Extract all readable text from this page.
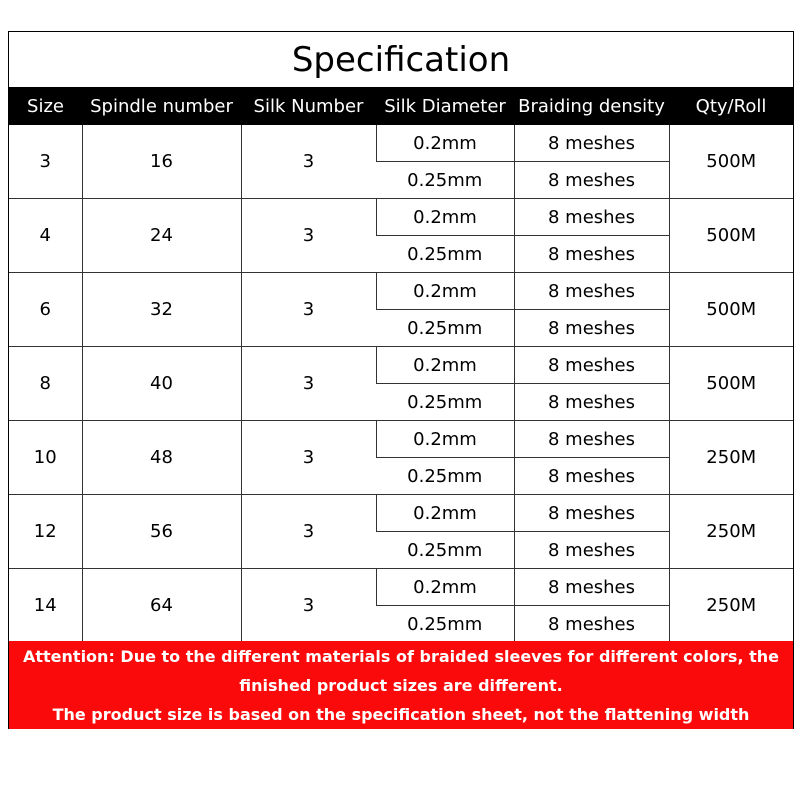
Specification
Size	Spindle number	Silk Number	Silk Diameter	Braiding density	Qty/Roll
3	16	3	0.2mm	8 meshes	500M
			0.25mm	8 meshes	
4	24	3	0.2mm	8 meshes	500M
			0.25mm	8 meshes	
6	32	3	0.2mm	8 meshes	500M
			0.25mm	8 meshes	
8	40	3	0.2mm	8 meshes	500M
			0.25mm	8 meshes	
10	48	3	0.2mm	8 meshes	250M
			0.25mm	8 meshes	
12	56	3	0.2mm	8 meshes	250M
			0.25mm	8 meshes	
14	64	3	0.2mm	8 meshes	250M
			0.25mm	8 meshes	
Attention: Due to the different materials of braided sleeves for different colors, the
finished product sizes are different.
The product size is based on the specification sheet, not the flattening width
